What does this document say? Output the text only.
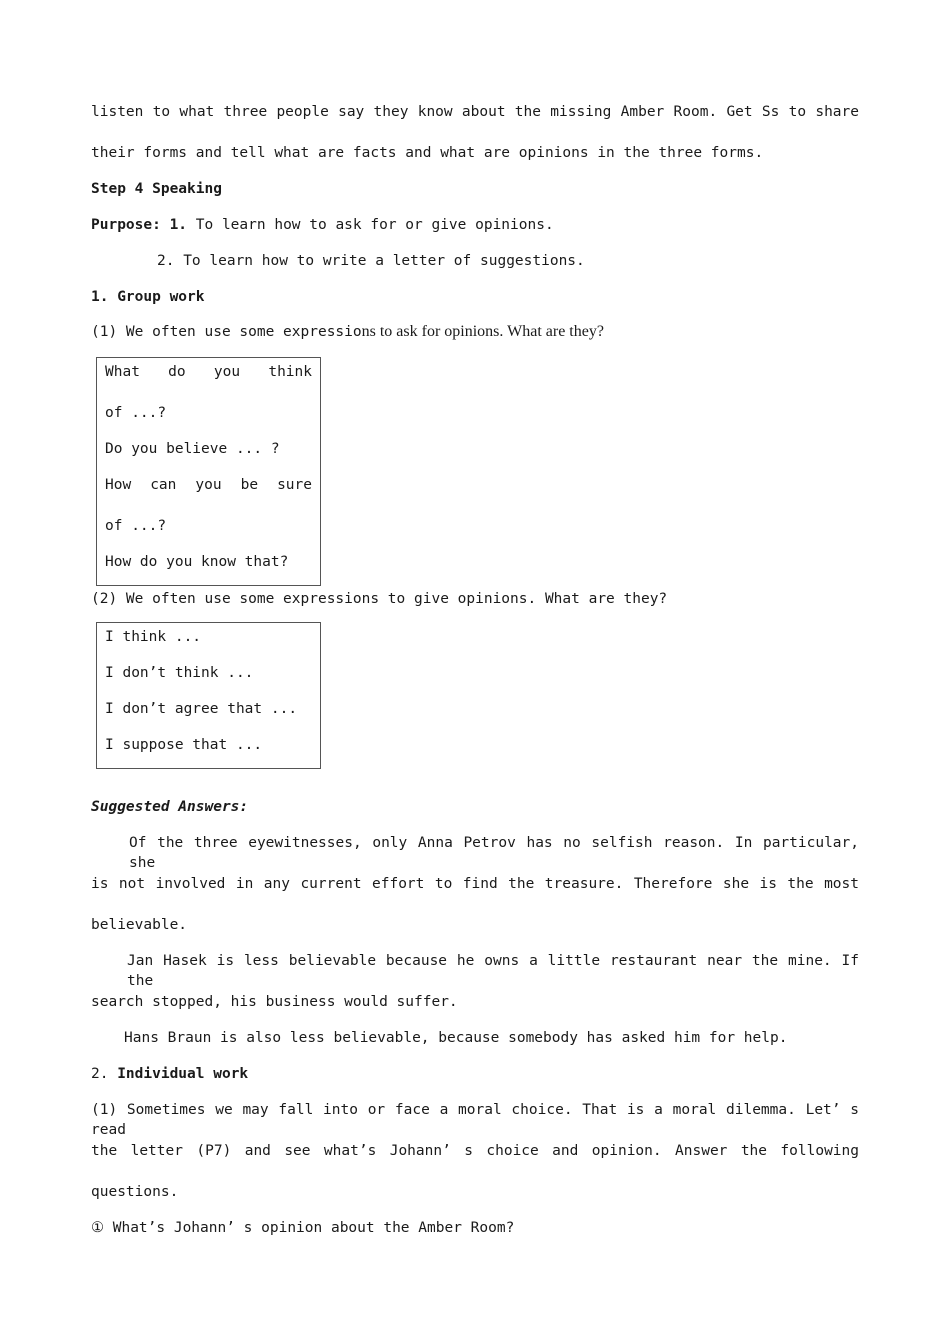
listen to what three people say they know about the missing Amber Room. Get Ss to share
their forms and tell what are facts and what are opinions in the three forms.
Step 4 Speaking
Purpose: 1. To learn how to ask for or give opinions.
2. To learn how to write a letter of suggestions.
1. Group work
(1) We often use some expressions to ask for opinions. What are they?
What do you think
of ...?
Do you believe ... ?
How can you be sure
of ...?
How do you know that?
(2) We often use some expressions to give opinions. What are they?
I think ...
I don’t think ...
I don’t agree that ...
I suppose that ...
Suggested Answers:
Of the three eyewitnesses, only Anna Petrov has no selfish reason. In particular, she
is not involved in any current effort to find the treasure. Therefore she is the most
believable.
Jan Hasek is less believable because he owns a little restaurant near the mine. If the
search stopped, his business would suffer.
Hans Braun is also less believable, because somebody has asked him for help.
2. Individual work
(1) Sometimes we may fall into or face a moral choice. That is a moral dilemma. Let’ s read
the letter (P7) and see what’s Johann’ s choice and opinion. Answer the following
questions.
① What’s Johann’ s opinion about the Amber Room?
